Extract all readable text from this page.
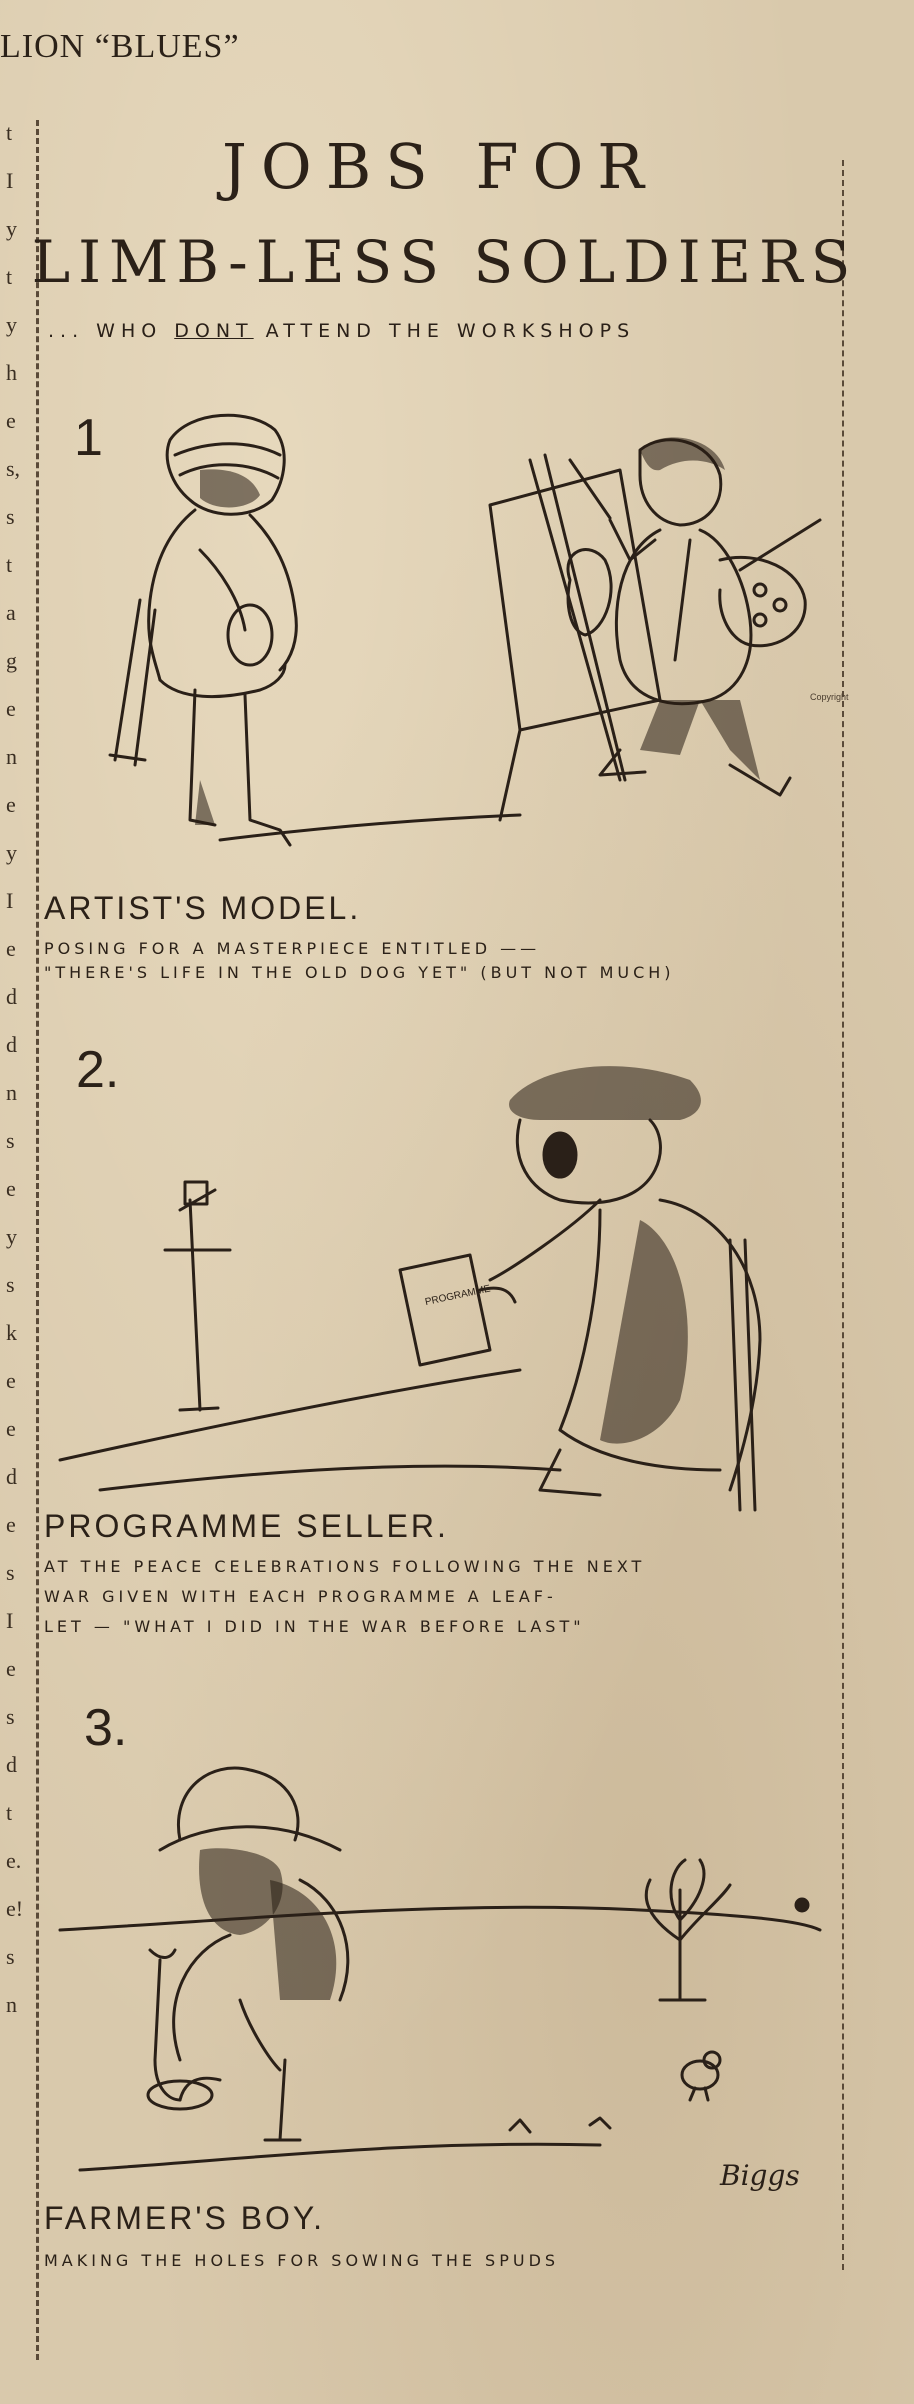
LION “BLUES”
t
I
y
t
y
h
e
s,
s
t
a
g
e
n
e
y
I
e
d
d
n
s
e
y
s
k
e
e
d
e
s
I
e
s
d
t
e.
e!
s
n
JOBS FOR
LIMB-LESS SOLDIERS
... WHO DONT ATTEND THE WORKSHOPS
1
Copyright
ARTIST'S MODEL.
POSING FOR A MASTERPIECE ENTITLED ——
"THERE'S LIFE IN THE OLD DOG YET" (BUT NOT MUCH)
2.
PROGRAMME
PROGRAMME SELLER.
AT THE PEACE CELEBRATIONS FOLLOWING THE NEXT
WAR GIVEN WITH EACH PROGRAMME A LEAF-
LET — "WHAT I DID IN THE WAR BEFORE LAST"
3.
Biggs
FARMER'S BOY.
MAKING THE HOLES FOR SOWING THE SPUDS
